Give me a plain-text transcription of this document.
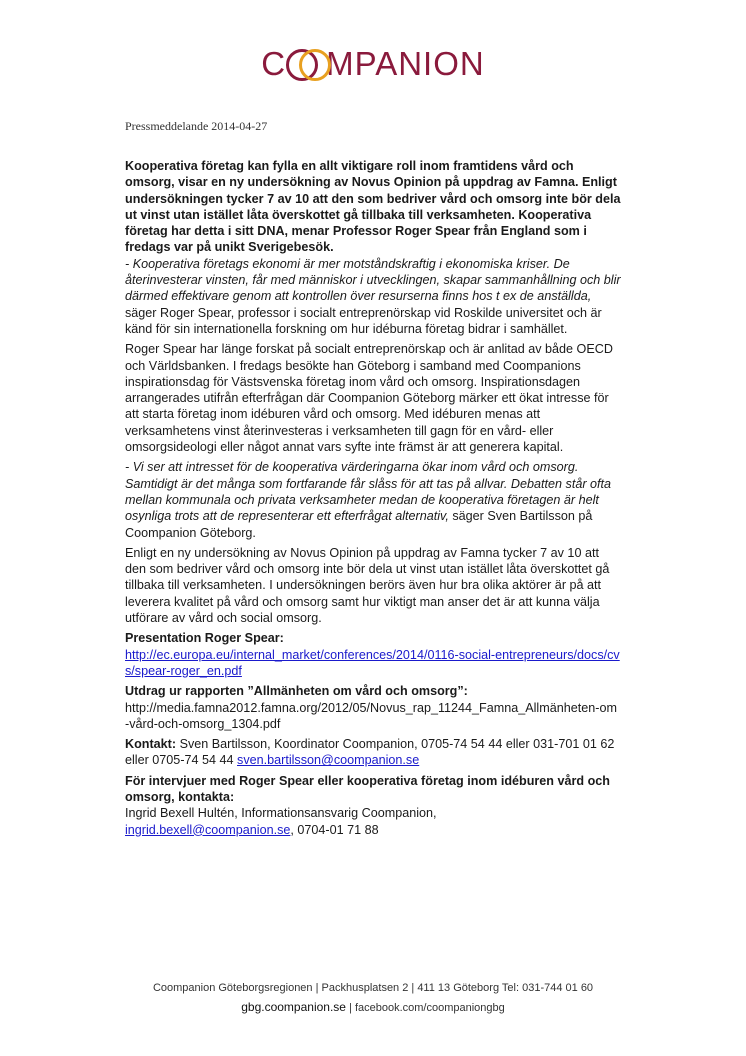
C MPANION
Pressmeddelande 2014-04-27

Kooperativa företag kan fylla en allt viktigare roll inom framtidens vård och omsorg, visar en ny undersökning av Novus Opinion på uppdrag av Famna. Enligt undersökningen tycker 7 av 10 att den som bedriver vård och omsorg inte bör dela ut vinst utan istället låta överskottet gå tillbaka till verksamheten. Kooperativa företag har detta i sitt DNA, menar Professor Roger Spear från England som i fredags var på unikt Sverigebesök.

- Kooperativa företags ekonomi är mer motståndskraftig i ekonomiska kriser. De återinvesterar vinsten, får med människor i utvecklingen, skapar sammanhållning och blir därmed effektivare genom att kontrollen över resurserna finns hos t ex de anställda, säger Roger Spear, professor i socialt entreprenörskap vid Roskilde universitet och är känd för sin internationella forskning om hur idéburna företag bidrar i samhället.

Roger Spear har länge forskat på socialt entreprenörskap och är anlitad av både OECD och Världsbanken. I fredags besökte han Göteborg i samband med Coompanions inspirationsdag för Västsvenska företag inom vård och omsorg. Inspirationsdagen arrangerades utifrån efterfrågan där Coompanion Göteborg märker ett ökat intresse för att starta företag inom idéburen vård och omsorg. Med idéburen menas att verksamhetens vinst återinvesteras i verksamheten till gagn för en vård- eller omsorgsideologi eller något annat vars syfte inte främst är att generera kapital.

- Vi ser att intresset för de kooperativa värderingarna ökar inom vård och omsorg. Samtidigt är det många som fortfarande får slåss för att tas på allvar. Debatten står ofta mellan kommunala och privata verksamheter medan de kooperativa företagen är helt osynliga trots att de representerar ett efterfrågat alternativ, säger Sven Bartilsson på Coompanion Göteborg.

Enligt en ny undersökning av Novus Opinion på uppdrag av Famna tycker 7 av 10 att den som bedriver vård och omsorg inte bör dela ut vinst utan istället låta överskottet gå tillbaka till verksamheten. I undersökningen berörs även hur bra olika aktörer är på att leverera kvalitet på vård och omsorg samt hur viktigt man anser det är att kunna välja utförare av vård och social omsorg.

Presentation Roger Spear:
http://ec.europa.eu/internal_market/conferences/2014/0116-social-entrepreneurs/docs/cvs/spear-roger_en.pdf

Utdrag ur rapporten ”Allmänheten om vård och omsorg”:
http://media.famna2012.famna.org/2012/05/Novus_rap_11244_Famna_Allmänheten-om-vård-och-omsorg_1304.pdf

Kontakt: Sven Bartilsson, Koordinator Coompanion, 0705-74 54 44 eller 031-701 01 62 eller 0705-74 54 44 sven.bartilsson@coompanion.se

För intervjuer med Roger Spear eller kooperativa företag inom idéburen vård och omsorg, kontakta:
Ingrid Bexell Hultén, Informationsansvarig Coompanion,
ingrid.bexell@coompanion.se, 0704-01 71 88

Coompanion Göteborgsregionen | Packhusplatsen 2 | 411 13 Göteborg Tel: 031-744 01 60
gbg.coompanion.se | facebook.com/coompaniongbg
